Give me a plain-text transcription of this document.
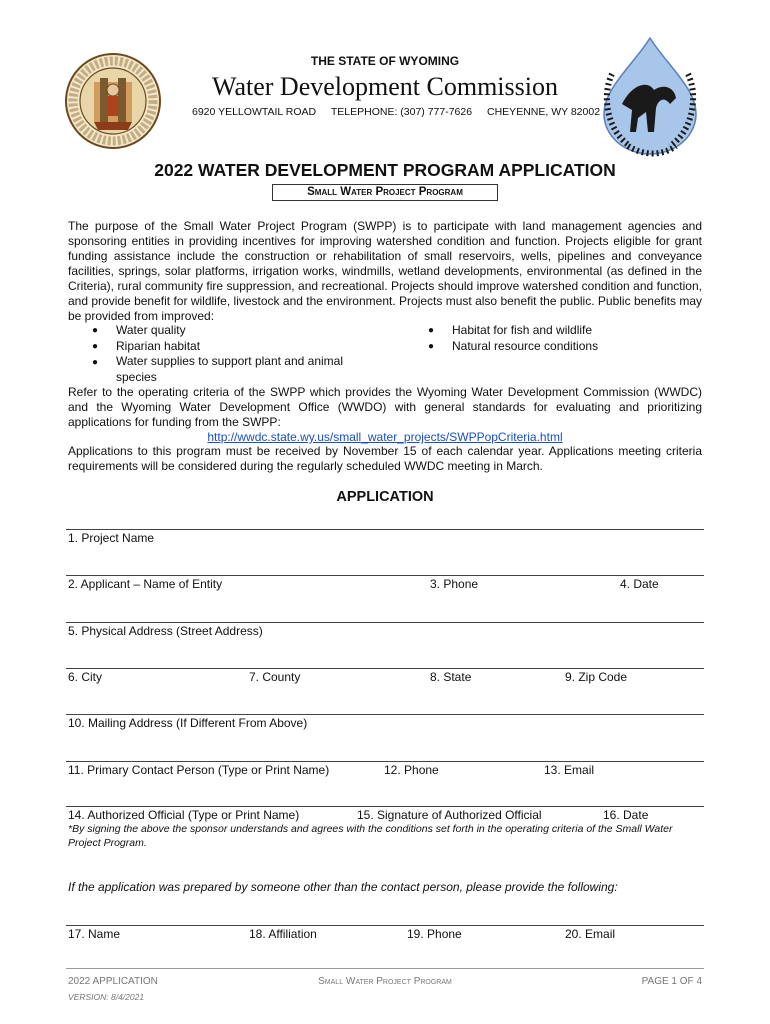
THE STATE OF WYOMING
Water Development Commission
6920 YELLOWTAIL ROAD TELEPHONE: (307) 777-7626 CHEYENNE, WY 82002
2022 WATER DEVELOPMENT PROGRAM APPLICATION
Small Water Project Program
The purpose of the Small Water Project Program (SWPP) is to participate with land management agencies and sponsoring entities in providing incentives for improving watershed condition and function. Projects eligible for grant funding assistance include the construction or rehabilitation of small reservoirs, wells, pipelines and conveyance facilities, springs, solar platforms, irrigation works, windmills, wetland developments, environmental (as defined in the Criteria), rural community fire suppression, and recreational. Projects should improve watershed condition and function, and provide benefit for wildlife, livestock and the environment. Projects must also benefit the public. Public benefits may be provided from improved:
● Water quality
● Riparian habitat
● Water supplies to support plant and animal species
● Habitat for fish and wildlife
● Natural resource conditions
Refer to the operating criteria of the SWPP which provides the Wyoming Water Development Commission (WWDC) and the Wyoming Water Development Office (WWDO) with general standards for evaluating and prioritizing applications for funding from the SWPP:
http://wwdc.state.wy.us/small_water_projects/SWPPopCriteria.html
Applications to this program must be received by November 15 of each calendar year. Applications meeting criteria requirements will be considered during the regularly scheduled WWDC meeting in March.
APPLICATION
1. Project Name
2. Applicant – Name of Entity	3. Phone	4. Date
5. Physical Address (Street Address)
6. City	7. County	8. State	9. Zip Code
10. Mailing Address (If Different From Above)
11. Primary Contact Person (Type or Print Name)	12. Phone	13. Email
14. Authorized Official (Type or Print Name)	15. Signature of Authorized Official	16. Date
*By signing the above the sponsor understands and agrees with the conditions set forth in the operating criteria of the Small Water Project Program.
If the application was prepared by someone other than the contact person, please provide the following:
17. Name	18. Affiliation	19. Phone	20. Email
2022 APPLICATION
VERSION: 8/4/2021
Small Water Project Program	PAGE 1 OF 4
